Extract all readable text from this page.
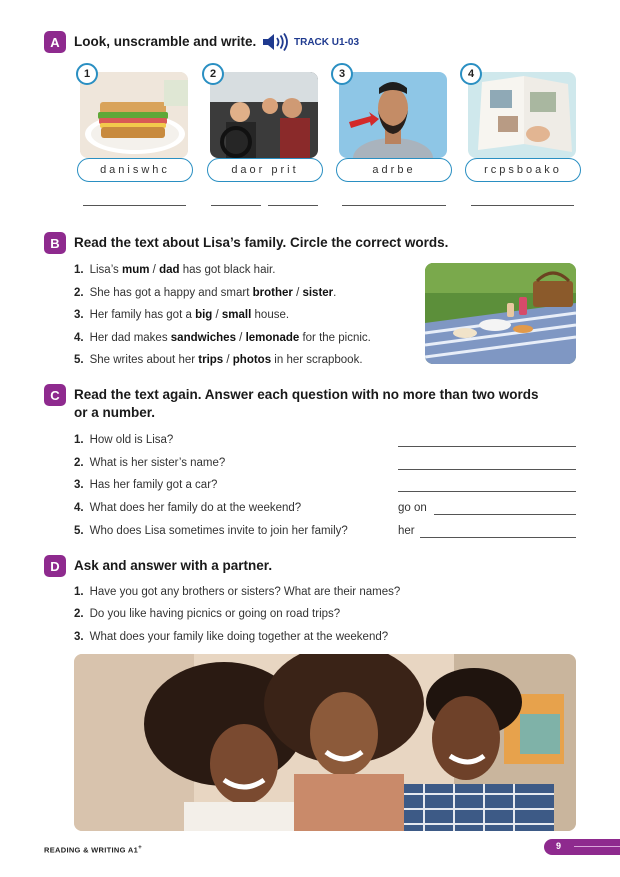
A	Look, unscramble and write.	TRACK U1-03
1
daniswhc
2
daor prit
3
adrbe
4
rcpsboako
B	Read the text about Lisa’s family. Circle the correct words.
1. Lisa’s mum / dad has got black hair.
2. She has got a happy and smart brother / sister.
3. Her family has got a big / small house.
4. Her dad makes sandwiches / lemonade for the picnic.
5. She writes about her trips / photos in her scrapbook.
C	Read the text again. Answer each question with no more than two words
or a number.
1. How old is Lisa?
2. What is her sister’s name?
3. Has her family got a car?
4. What does her family do at the weekend?	go on
5. Who does Lisa sometimes invite to join her family?	her
D	Ask and answer with a partner.
1. Have you got any brothers or sisters? What are their names?
2. Do you like having picnics or going on road trips?
3. What does your family like doing together at the weekend?
READING & WRITING A1+	9
